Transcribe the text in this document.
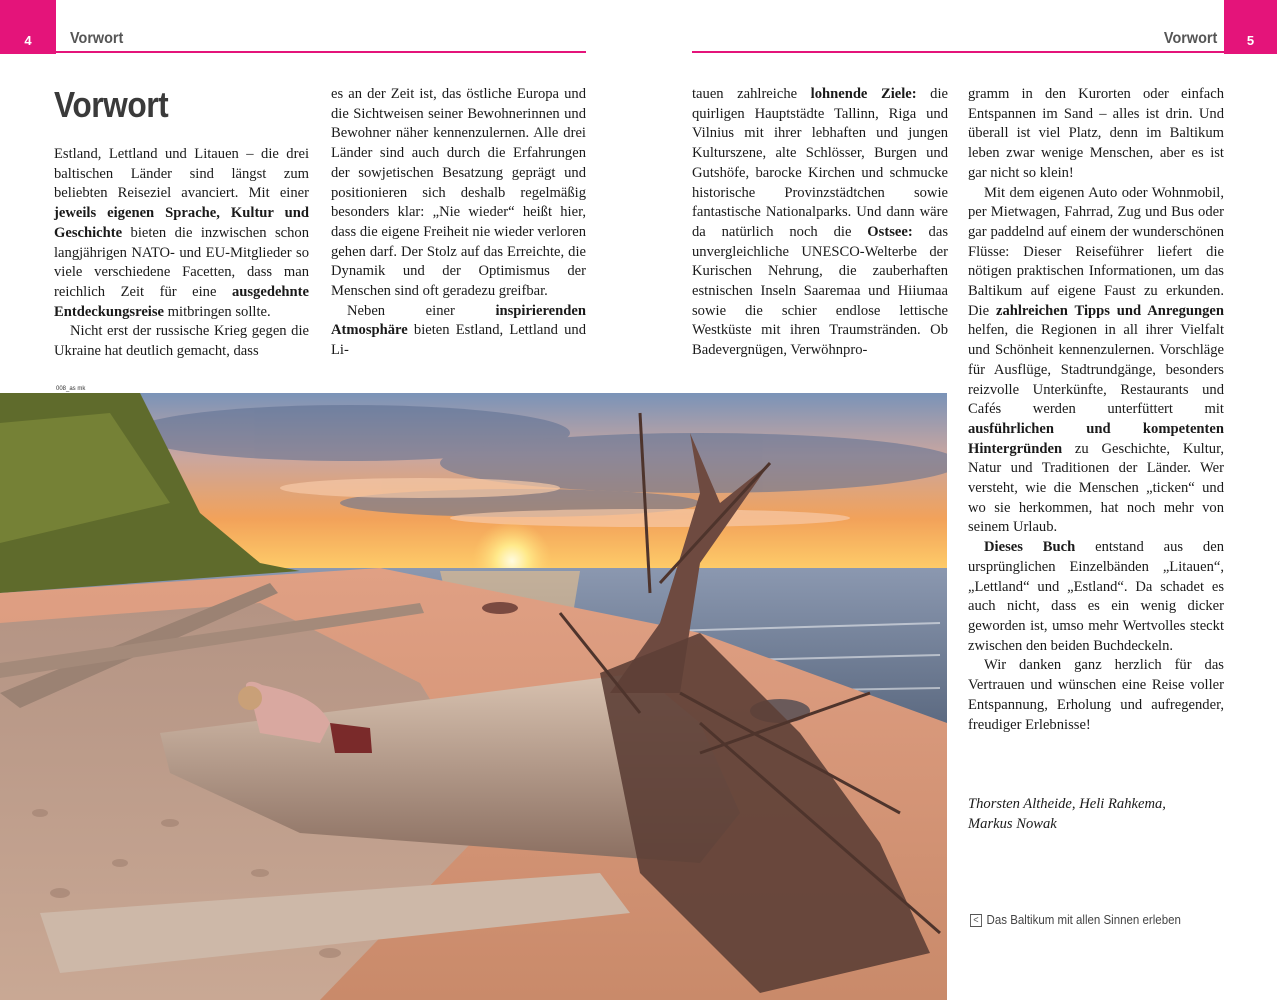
4 Vorwort	Vorwort 5
Vorwort

Estland, Lettland und Litauen – die drei baltischen Länder sind längst zum beliebten Reiseziel avanciert. Mit einer jeweils eigenen Sprache, Kultur und Geschichte bieten die inzwischen schon langjährigen NATO- und EU-Mitglieder so viele verschiedene Facetten, dass man reichlich Zeit für eine ausgedehnte Entdeckungsreise mitbringen sollte.

Nicht erst der russische Krieg gegen die Ukraine hat deutlich gemacht, dass

es an der Zeit ist, das östliche Europa und die Sichtweisen seiner Bewohnerinnen und Bewohner näher kennenzulernen. Alle drei Länder sind auch durch die Erfahrungen der sowjetischen Besatzung geprägt und positionieren sich deshalb regelmäßig besonders klar: „Nie wieder“ heißt hier, dass die eigene Freiheit nie wieder verloren gehen darf. Der Stolz auf das Erreichte, die Dynamik und der Optimismus der Menschen sind oft geradezu greifbar.

Neben einer inspirierenden Atmosphäre bieten Estland, Lettland und Li-

tauen zahlreiche lohnende Ziele: die quirligen Hauptstädte Tallinn, Riga und Vilnius mit ihrer lebhaften und jungen Kulturszene, alte Schlösser, Burgen und Gutshöfe, barocke Kirchen und schmucke historische Provinzstädtchen sowie fantastische Nationalparks. Und dann wäre da natürlich noch die Ostsee: das unvergleichliche UNESCO-Welterbe der Kurischen Nehrung, die zauberhaften estnischen Inseln Saaremaa und Hiiumaa sowie die schier endlose lettische Westküste mit ihren Traumstränden. Ob Badevergnügen, Verwöhnpro-

gramm in den Kurorten oder einfach Entspannen im Sand – alles ist drin. Und überall ist viel Platz, denn im Baltikum leben zwar wenige Menschen, aber es ist gar nicht so klein!

Mit dem eigenen Auto oder Wohnmobil, per Mietwagen, Fahrrad, Zug und Bus oder gar paddelnd auf einem der wunderschönen Flüsse: Dieser Reiseführer liefert die nötigen praktischen Informationen, um das Baltikum auf eigene Faust zu erkunden. Die zahlreichen Tipps und Anregungen helfen, die Regionen in all ihrer Vielfalt und Schönheit kennenzulernen. Vorschläge für Ausflüge, Stadtrundgänge, besonders reizvolle Unterkünfte, Restaurants und Cafés werden unterfüttert mit ausführlichen und kompetenten Hintergründen zu Geschichte, Kultur, Natur und Traditionen der Länder. Wer versteht, wie die Menschen „ticken“ und wo sie herkommen, hat noch mehr von seinem Urlaub.

Dieses Buch entstand aus den ursprünglichen Einzelbänden „Litauen“, „Lettland“ und „Estland“. Da schadet es auch nicht, dass es ein wenig dicker geworden ist, umso mehr Wertvolles steckt zwischen den beiden Buchdeckeln.

Wir danken ganz herzlich für das Vertrauen und wünschen eine Reise voller Entspannung, Erholung und aufregender, freudiger Erlebnisse!

Thorsten Altheide, Heli Rahkema,
Markus Nowak
< Das Baltikum mit allen Sinnen erleben
008_as mk
